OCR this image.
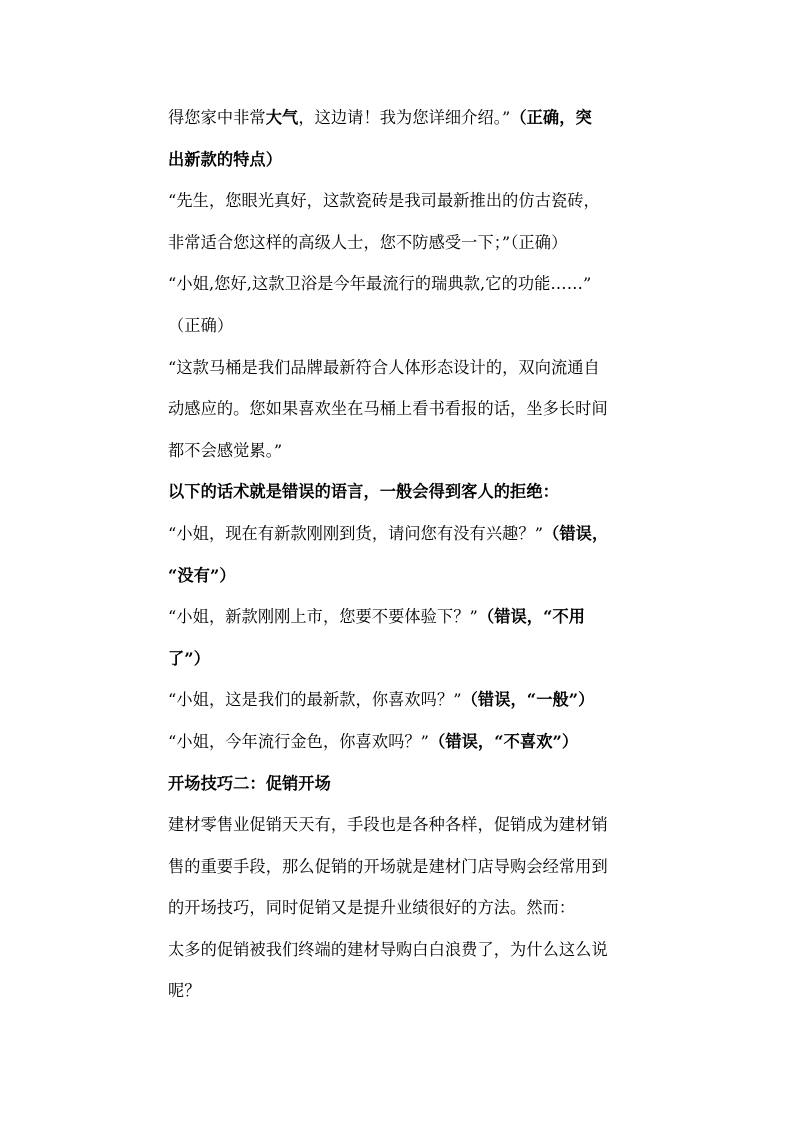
得您家中非常大气，这边请！我为您详细介绍。”（正确，突
出新款的特点）
“先生，您眼光真好，这款瓷砖是我司最新推出的仿古瓷砖，
非常适合您这样的高级人士，您不防感受一下；”（正确）
“小姐,您好,这款卫浴是今年最流行的瑞典款,它的功能……”
（正确）
“这款马桶是我们品牌最新符合人体形态设计的，双向流通自
动感应的。您如果喜欢坐在马桶上看书看报的话，坐多长时间
都不会感觉累。”
以下的话术就是错误的语言，一般会得到客人的拒绝：
“小姐，现在有新款刚刚到货，请问您有没有兴趣？”（错误，
“没有”）
“小姐，新款刚刚上市，您要不要体验下？”（错误，“不用
了”）
“小姐，这是我们的最新款，你喜欢吗？”（错误，“一般”）
“小姐，今年流行金色，你喜欢吗？”（错误，“不喜欢”）
开场技巧二：促销开场
建材零售业促销天天有，手段也是各种各样，促销成为建材销
售的重要手段，那么促销的开场就是建材门店导购会经常用到
的开场技巧，同时促销又是提升业绩很好的方法。然而：
太多的促销被我们终端的建材导购白白浪费了，为什么这么说
呢？
